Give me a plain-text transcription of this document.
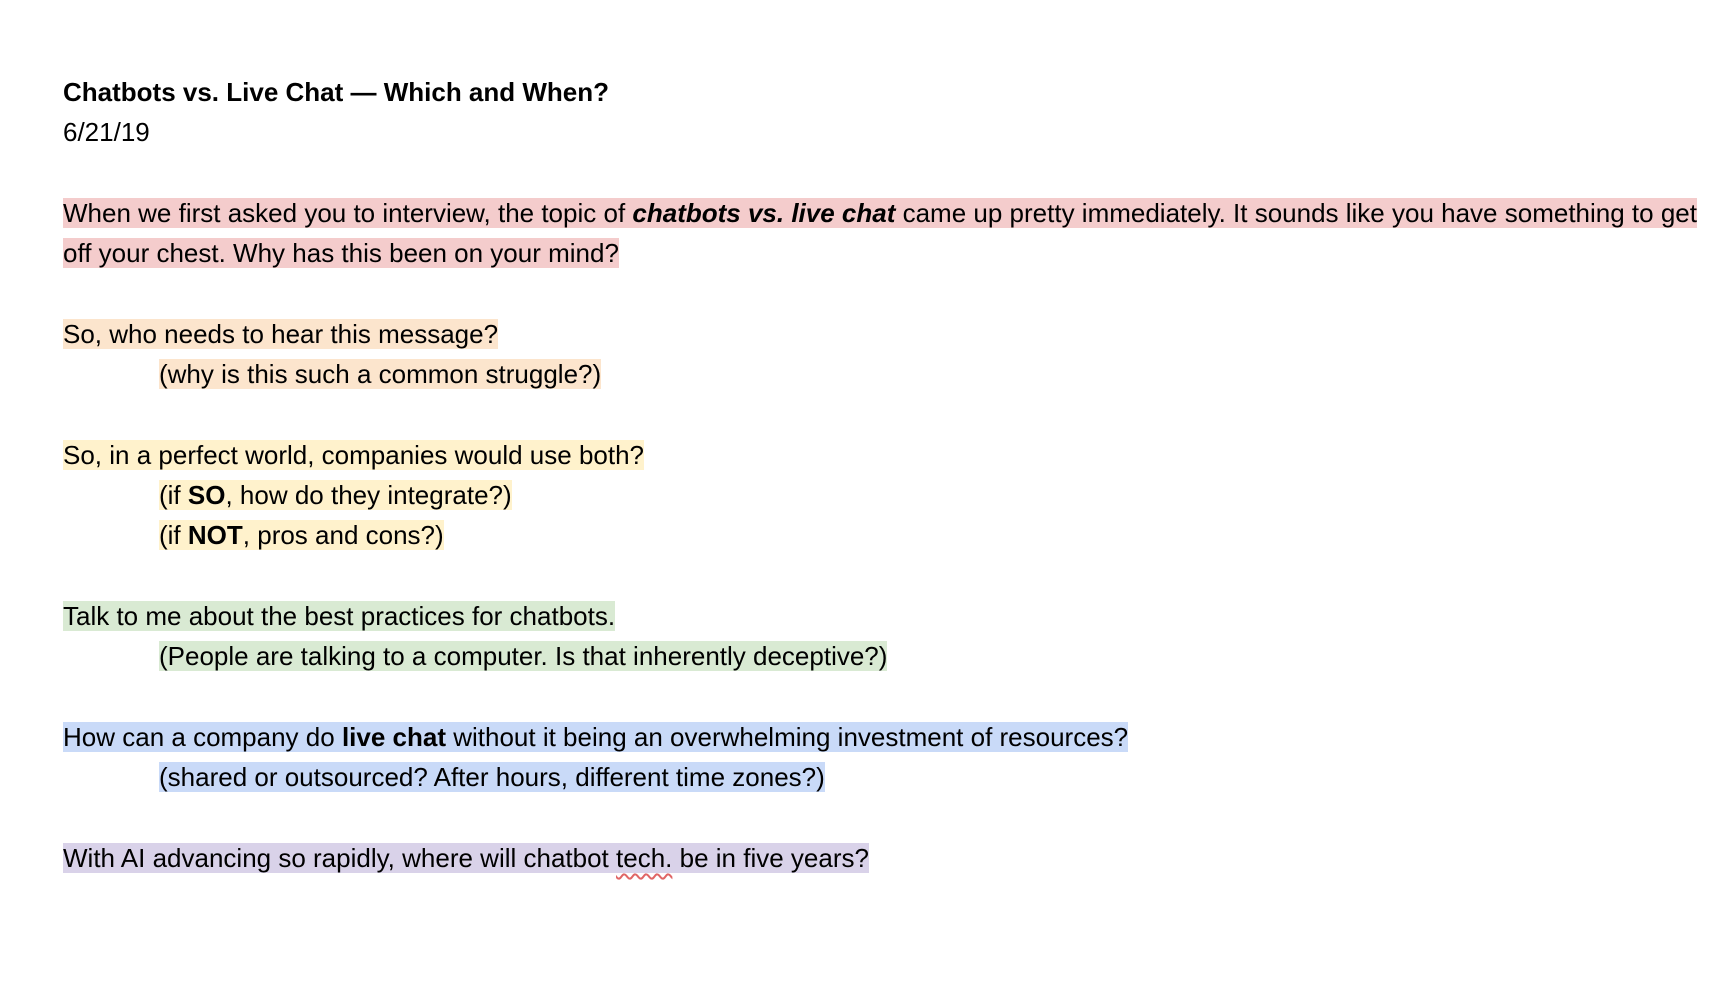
Chatbots vs. Live Chat — Which and When?
6/21/19
When we first asked you to interview, the topic of chatbots vs. live chat came up pretty immediately. It sounds like you have something to get off your chest. Why has this been on your mind?
So, who needs to hear this message?
(why is this such a common struggle?)
So, in a perfect world, companies would use both?
(if SO, how do they integrate?)
(if NOT, pros and cons?)
Talk to me about the best practices for chatbots.
(People are talking to a computer. Is that inherently deceptive?)
How can a company do live chat without it being an overwhelming investment of resources?
(shared or outsourced? After hours, different time zones?)
With AI advancing so rapidly, where will chatbot tech. be in five years?
